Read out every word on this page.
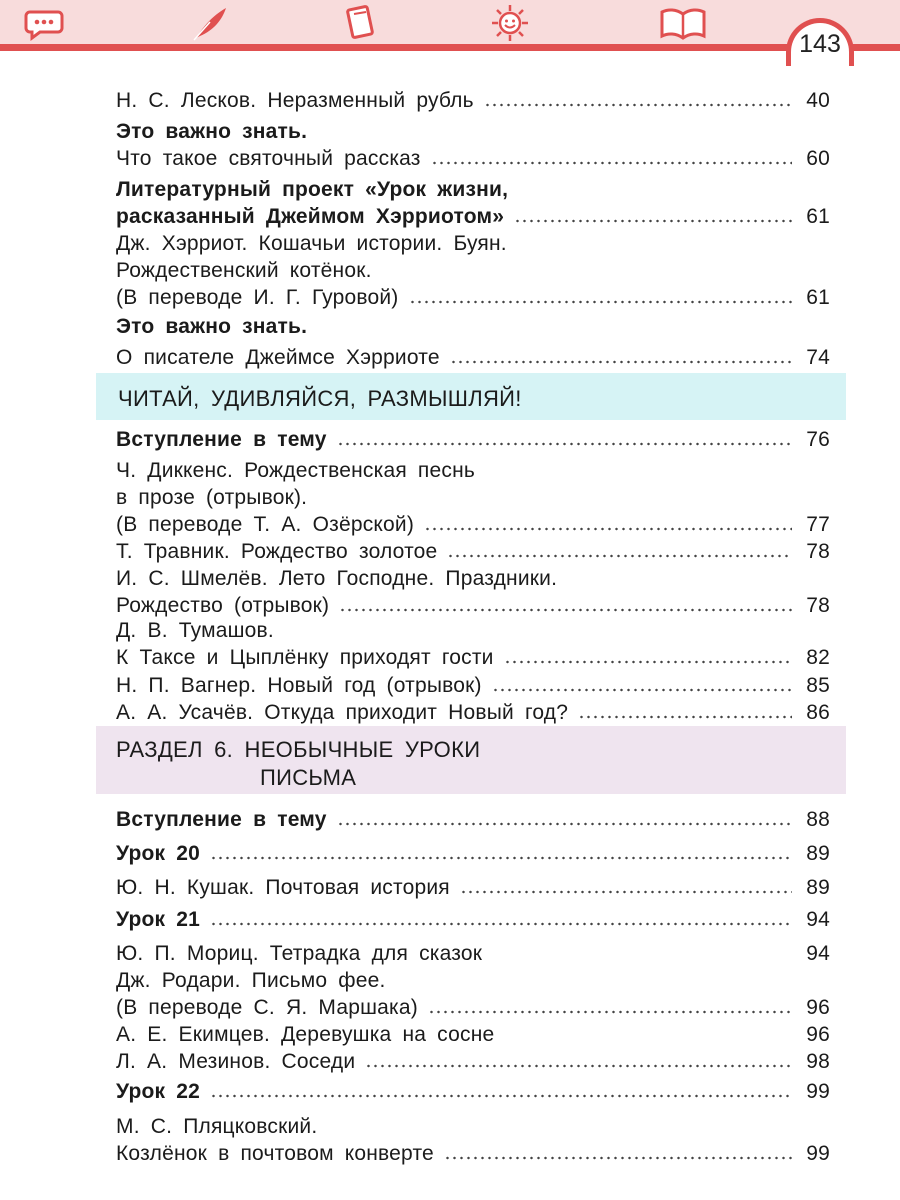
143
ЧИТАЙ, УДИВЛЯЙСЯ, РАЗМЫШЛЯЙ!
РАЗДЕЛ 6. НЕОБЫЧНЫЕ УРОКИ
ПИСЬМА
Н. С. Лесков. Неразменный рубль	40
Это важно знать.
Что такое святочный рассказ	60
Литературный проект «Урок жизни,
расказанный Джеймом Хэрриотом»	61
Дж. Хэрриот. Кошачьи истории. Буян.
Рождественский котёнок.
(В переводе И. Г. Гуровой)	61
Это важно знать.
О писателе Джеймсе Хэрриоте	74
Вступление в тему	76
Ч. Диккенс. Рождественская песнь
в прозе (отрывок).
(В переводе Т. А. Озёрской)	77
Т. Травник. Рождество золотое	78
И. С. Шмелёв. Лето Господне. Праздники.
Рождество (отрывок)	78
Д. В. Тумашов.
К Таксе и Цыплёнку приходят гости	82
Н. П. Вагнер. Новый год (отрывок)	85
А. А. Усачёв. Откуда приходит Новый год?	86
Вступление в тему	88
Урок 20	89
Ю. Н. Кушак. Почтовая история	89
Урок 21	94
Ю. П. Мориц. Тетрадка для сказок	94
Дж. Родари. Письмо фее.
(В переводе С. Я. Маршака)	96
А. Е. Екимцев. Деревушка на сосне	96
Л. А. Мезинов. Соседи	98
Урок 22	99
М. С. Пляцковский.
Козлёнок в почтовом конверте	99
